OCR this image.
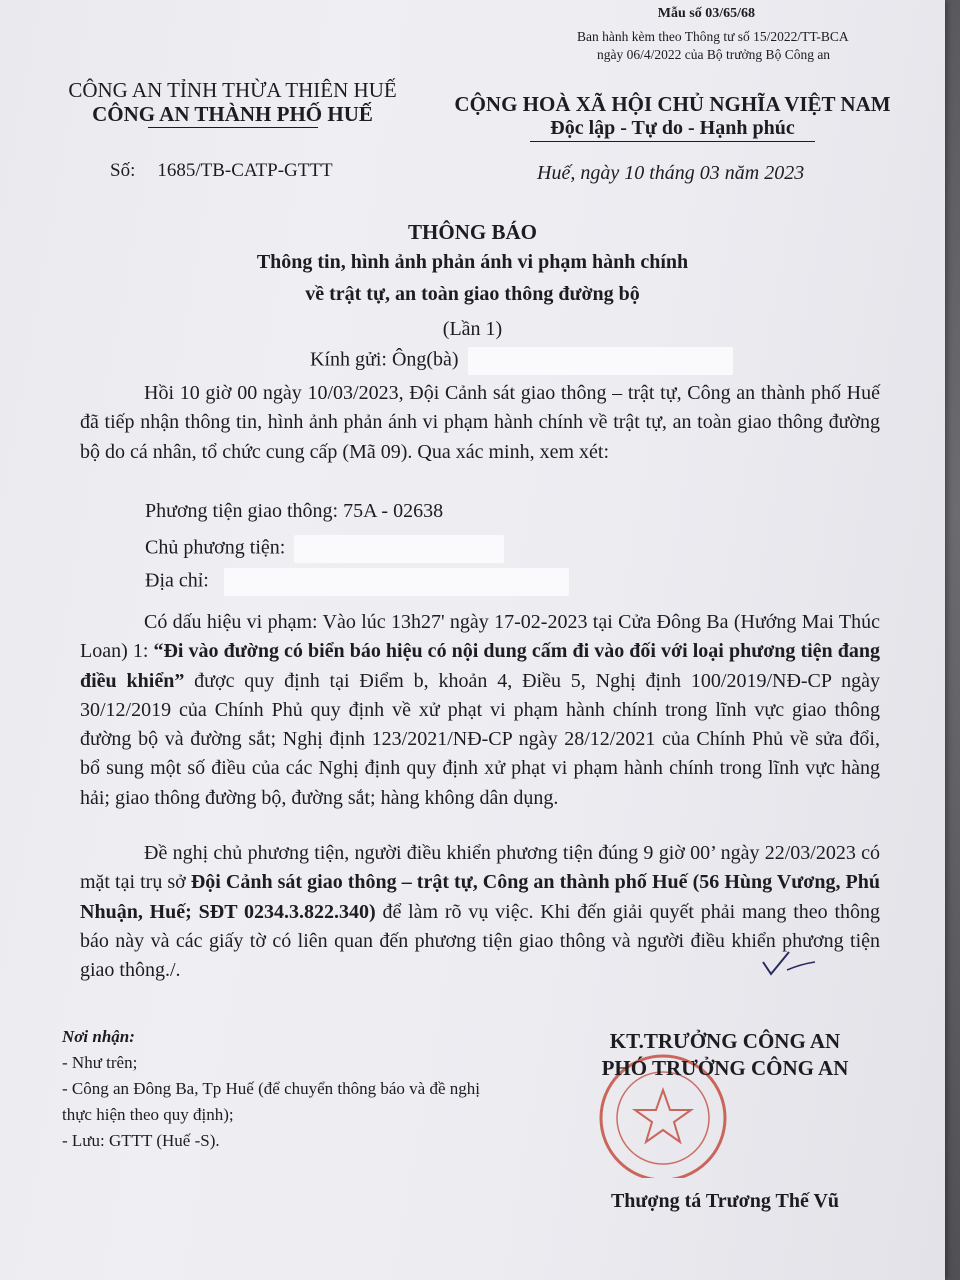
Mẫu số 03/65/68
Ban hành kèm theo Thông tư số 15/2022/TT-BCA
ngày 06/4/2022 của Bộ trưởng Bộ Công an
CÔNG AN TỈNH THỪA THIÊN HUẾ
CÔNG AN THÀNH PHỐ HUẾ	CỘNG HOÀ XÃ HỘI CHỦ NGHĨA VIỆT NAM
Độc lập - Tự do - Hạnh phúc
Số: 1685/TB-CATP-GTTT	Huế, ngày 10 tháng 03 năm 2023
THÔNG BÁO
Thông tin, hình ảnh phản ánh vi phạm hành chính
về trật tự, an toàn giao thông đường bộ
(Lần 1)
Kính gửi: Ông(bà)
Hồi 10 giờ 00 ngày 10/03/2023, Đội Cảnh sát giao thông – trật tự, Công an thành phố Huế đã tiếp nhận thông tin, hình ảnh phản ánh vi phạm hành chính về trật tự, an toàn giao thông đường bộ do cá nhân, tổ chức cung cấp (Mã 09). Qua xác minh, xem xét:
Phương tiện giao thông: 75A - 02638
Chủ phương tiện:
Địa chỉ:
Có dấu hiệu vi phạm: Vào lúc 13h27' ngày 17-02-2023 tại Cửa Đông Ba (Hướng Mai Thúc Loan) 1: “Đi vào đường có biển báo hiệu có nội dung cấm đi vào đối với loại phương tiện đang điều khiển” được quy định tại Điểm b, khoản 4, Điều 5, Nghị định 100/2019/NĐ-CP ngày 30/12/2019 của Chính Phủ quy định về xử phạt vi phạm hành chính trong lĩnh vực giao thông đường bộ và đường sắt; Nghị định 123/2021/NĐ-CP ngày 28/12/2021 của Chính Phủ về sửa đổi, bổ sung một số điều của các Nghị định quy định xử phạt vi phạm hành chính trong lĩnh vực hàng hải; giao thông đường bộ, đường sắt; hàng không dân dụng.
Đề nghị chủ phương tiện, người điều khiển phương tiện đúng 9 giờ 00’ ngày 22/03/2023 có mặt tại trụ sở Đội Cảnh sát giao thông – trật tự, Công an thành phố Huế (56 Hùng Vương, Phú Nhuận, Huế; SĐT 0234.3.822.340) để làm rõ vụ việc. Khi đến giải quyết phải mang theo thông báo này và các giấy tờ có liên quan đến phương tiện giao thông và người điều khiển phương tiện giao thông./.
Nơi nhận:
- Như trên;
- Công an Đông Ba, Tp Huế (để chuyển thông báo và đề nghị thực hiện theo quy định);
- Lưu: GTTT (Huế -S).
KT.TRƯỞNG CÔNG AN
PHÓ TRƯỞNG CÔNG AN
Thượng tá Trương Thế Vũ
